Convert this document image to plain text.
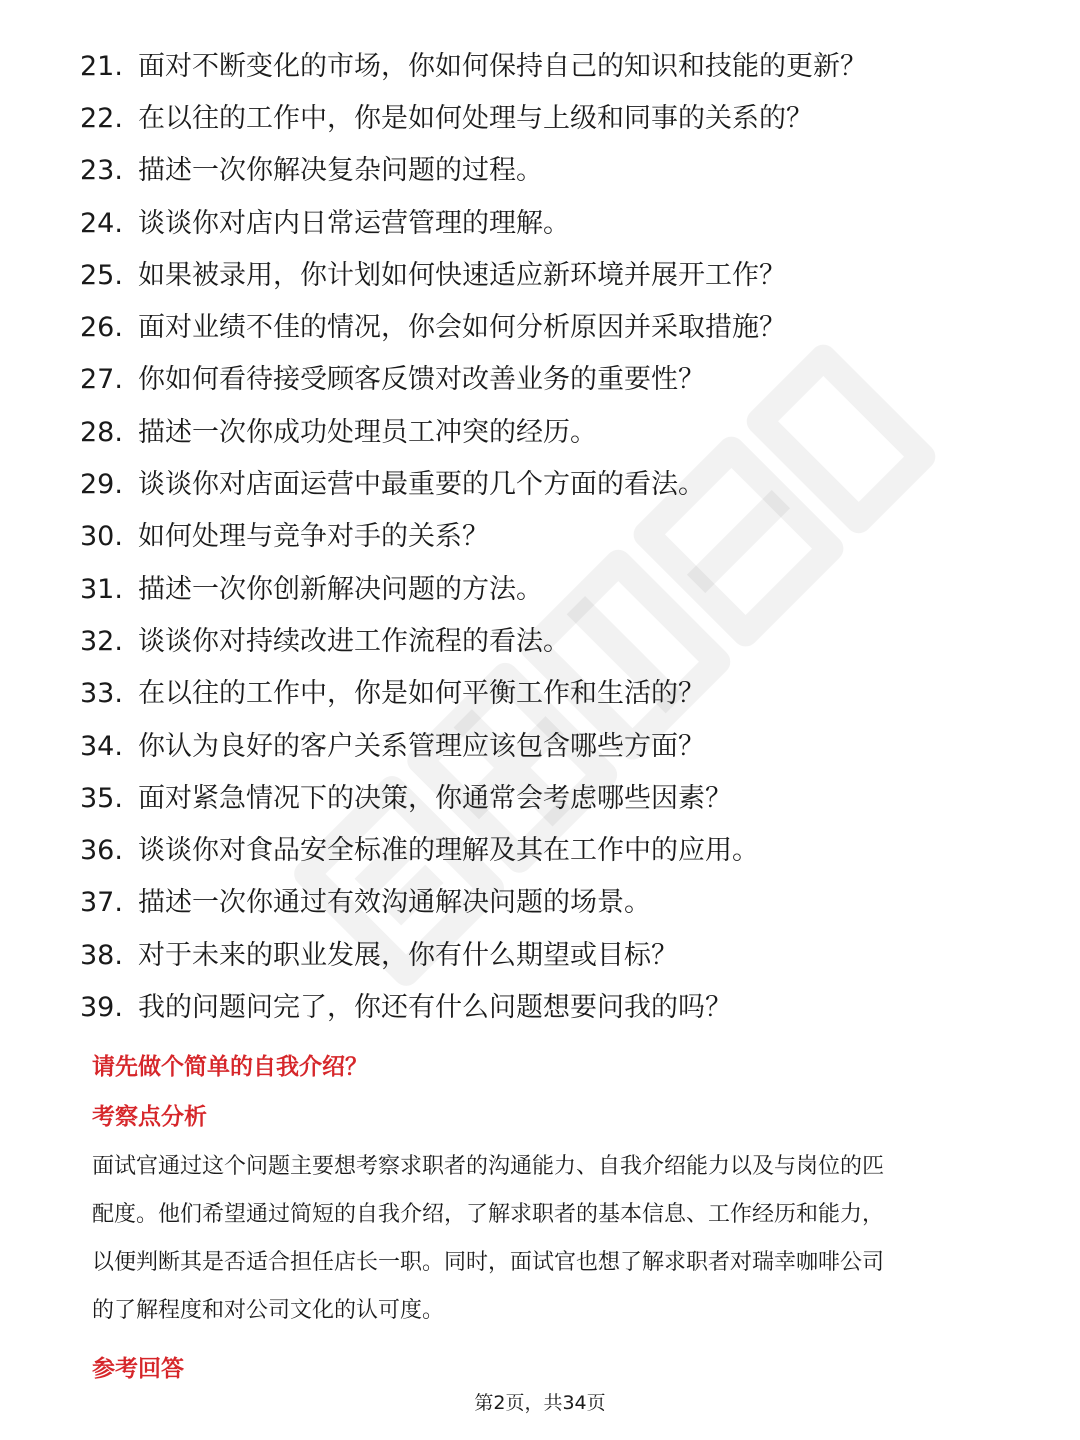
21. 面对不断变化的市场，你如何保持自己的知识和技能的更新？
22. 在以往的工作中，你是如何处理与上级和同事的关系的？
23. 描述一次你解决复杂问题的过程。
24. 谈谈你对店内日常运营管理的理解。
25. 如果被录用，你计划如何快速适应新环境并展开工作？
26. 面对业绩不佳的情况，你会如何分析原因并采取措施？
27. 你如何看待接受顾客反馈对改善业务的重要性？
28. 描述一次你成功处理员工冲突的经历。
29. 谈谈你对店面运营中最重要的几个方面的看法。
30. 如何处理与竞争对手的关系？
31. 描述一次你创新解决问题的方法。
32. 谈谈你对持续改进工作流程的看法。
33. 在以往的工作中，你是如何平衡工作和生活的？
34. 你认为良好的客户关系管理应该包含哪些方面？
35. 面对紧急情况下的决策，你通常会考虑哪些因素？
36. 谈谈你对食品安全标准的理解及其在工作中的应用。
37. 描述一次你通过有效沟通解决问题的场景。
38. 对于未来的职业发展，你有什么期望或目标？
39. 我的问题问完了，你还有什么问题想要问我的吗？
请先做个简单的自我介绍？
考察点分析

面试官通过这个问题主要想考察求职者的沟通能力、自我介绍能力以及与岗位的匹
配度。他们希望通过简短的自我介绍，了解求职者的基本信息、工作经历和能力，
以便判断其是否适合担任店长一职。同时，面试官也想了解求职者对瑞幸咖啡公司
的了解程度和对公司文化的认可度。

参考回答
第2页，共34页
